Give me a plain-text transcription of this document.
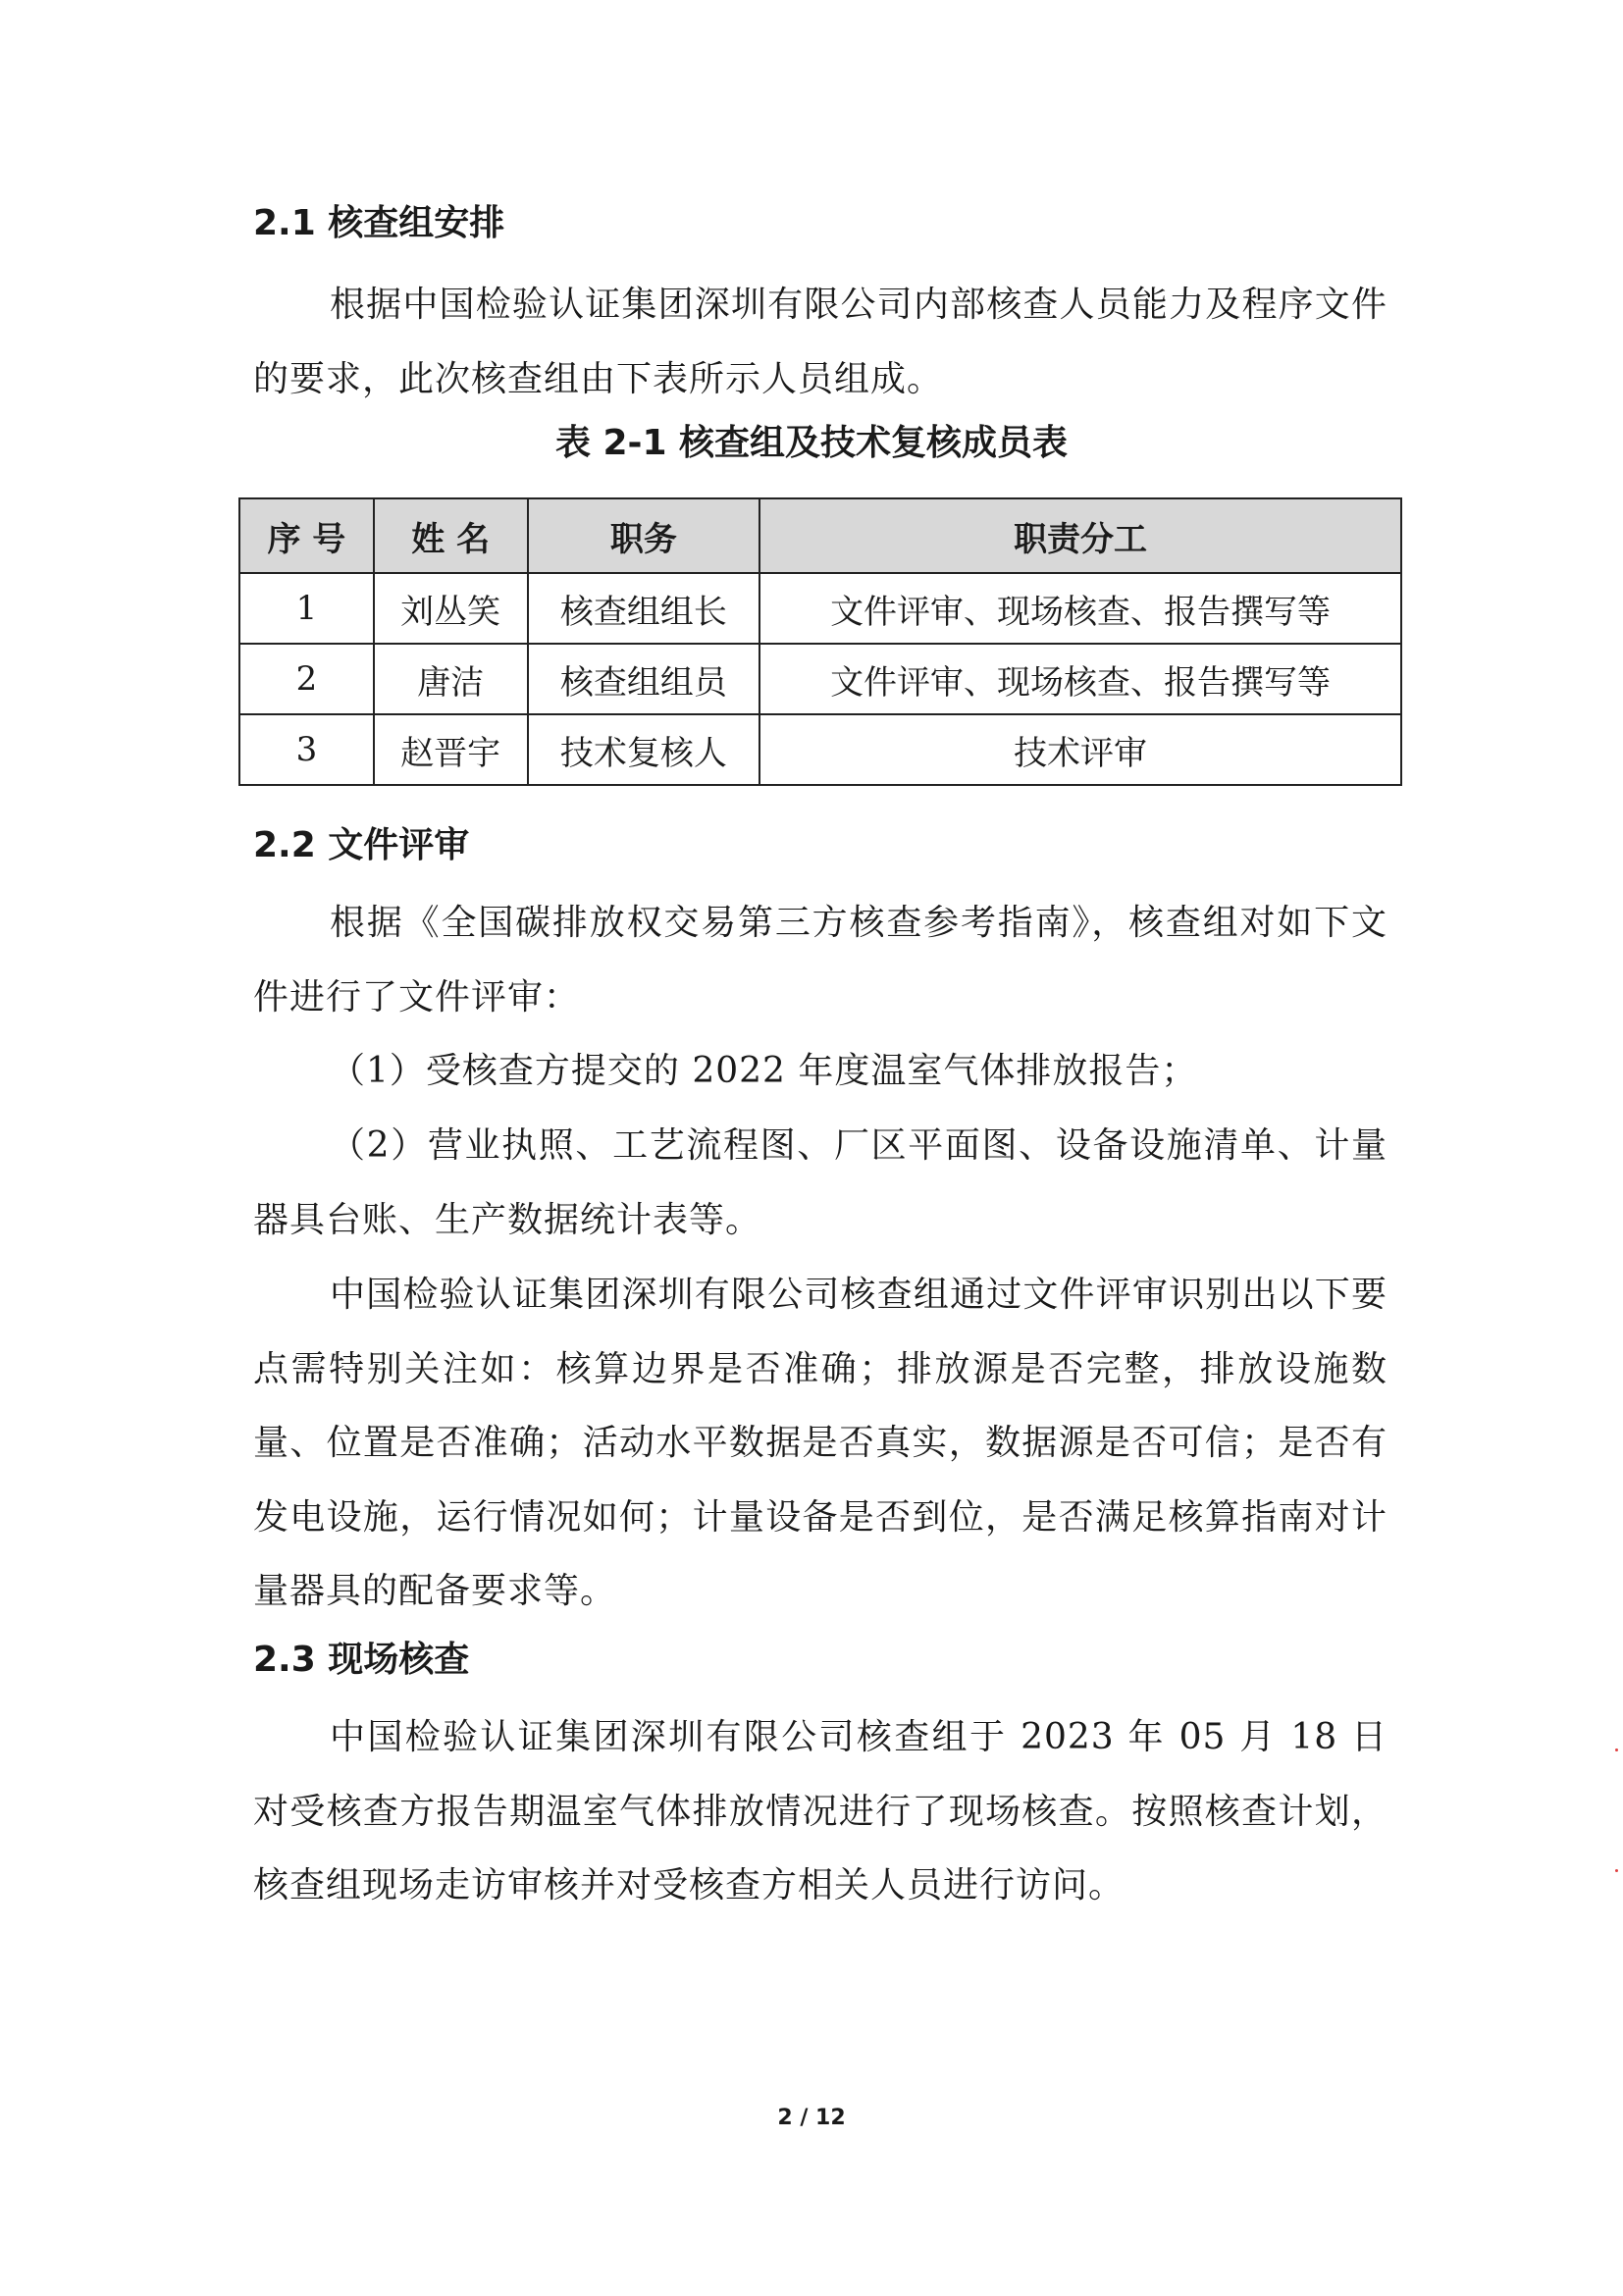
2.1 核查组安排

根据中国检验认证集团深圳有限公司内部核查人员能力及程序文件的要求，此次核查组由下表所示人员组成。

表 2-1 核查组及技术复核成员表
序 号	姓 名	职务	职责分工
1	刘丛笑	核查组组长	文件评审、现场核查、报告撰写等
2	唐洁	核查组组员	文件评审、现场核查、报告撰写等
3	赵晋宇	技术复核人	技术评审
2.2 文件评审

根据《全国碳排放权交易第三方核查参考指南》，核查组对如下文件进行了文件评审：

（1）受核查方提交的 2022 年度温室气体排放报告；

（2）营业执照、工艺流程图、厂区平面图、设备设施清单、计量器具台账、生产数据统计表等。

中国检验认证集团深圳有限公司核查组通过文件评审识别出以下要点需特别关注如：核算边界是否准确；排放源是否完整，排放设施数量、位置是否准确；活动水平数据是否真实，数据源是否可信；是否有发电设施，运行情况如何；计量设备是否到位，是否满足核算指南对计量器具的配备要求等。

2.3 现场核查

中国检验认证集团深圳有限公司核查组于 2023 年 05 月 18 日对受核查方报告期温室气体排放情况进行了现场核查。按照核查计划，核查组现场走访审核并对受核查方相关人员进行访问。

2 / 12
